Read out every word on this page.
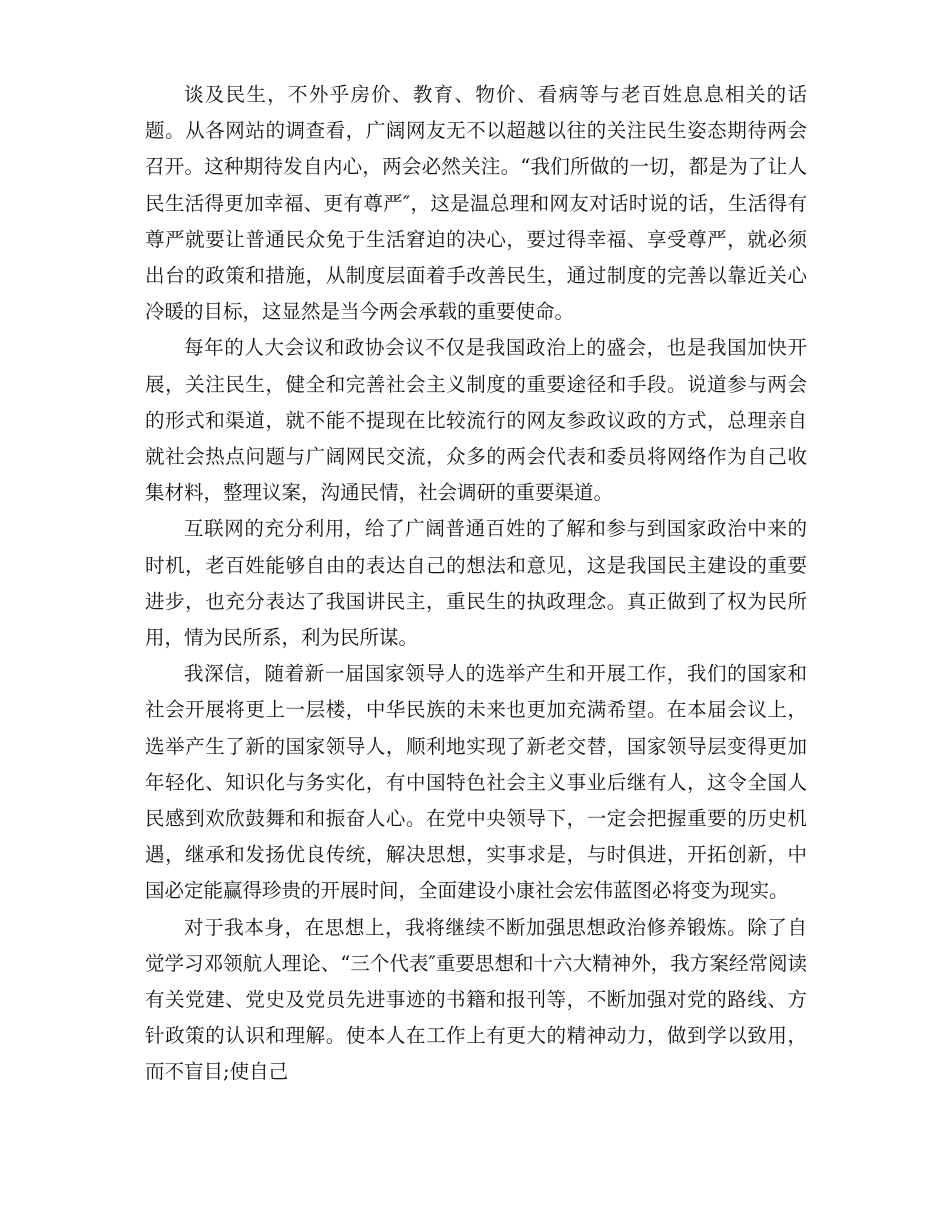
谈及民生，不外乎房价、教育、物价、看病等与老百姓息息相关的话题。从各网站的调查看，广阔网友无不以超越以往的关注民生姿态期待两会召开。这种期待发自内心，两会必然关注。“我们所做的一切，都是为了让人民生活得更加幸福、更有尊严″，这是温总理和网友对话时说的话，生活得有尊严就要让普通民众免于生活窘迫的决心，要过得幸福、享受尊严，就必须出台的政策和措施，从制度层面着手改善民生，通过制度的完善以靠近关心冷暖的目标，这显然是当今两会承载的重要使命。

每年的人大会议和政协会议不仅是我国政治上的盛会，也是我国加快开展，关注民生，健全和完善社会主义制度的重要途径和手段。说道参与两会的形式和渠道，就不能不提现在比较流行的网友参政议政的方式，总理亲自就社会热点问题与广阔网民交流，众多的两会代表和委员将网络作为自己收集材料，整理议案，沟通民情，社会调研的重要渠道。

互联网的充分利用，给了广阔普通百姓的了解和参与到国家政治中来的时机，老百姓能够自由的表达自己的想法和意见，这是我国民主建设的重要进步，也充分表达了我国讲民主，重民生的执政理念。真正做到了权为民所用，情为民所系，利为民所谋。

我深信，随着新一届国家领导人的选举产生和开展工作，我们的国家和社会开展将更上一层楼，中华民族的未来也更加充满希望。在本届会议上，选举产生了新的国家领导人，顺利地实现了新老交替，国家领导层变得更加年轻化、知识化与务实化，有中国特色社会主义事业后继有人，这令全国人民感到欢欣鼓舞和和振奋人心。在党中央领导下，一定会把握重要的历史机遇，继承和发扬优良传统，解决思想，实事求是，与时俱进，开拓创新，中国必定能赢得珍贵的开展时间，全面建设小康社会宏伟蓝图必将变为现实。

对于我本身，在思想上，我将继续不断加强思想政治修养锻炼。除了自觉学习邓领航人理论、“三个代表″重要思想和十六大精神外，我方案经常阅读有关党建、党史及党员先进事迹的书籍和报刊等，不断加强对党的路线、方针政策的认识和理解。使本人在工作上有更大的精神动力，做到学以致用，而不盲目;使自己
